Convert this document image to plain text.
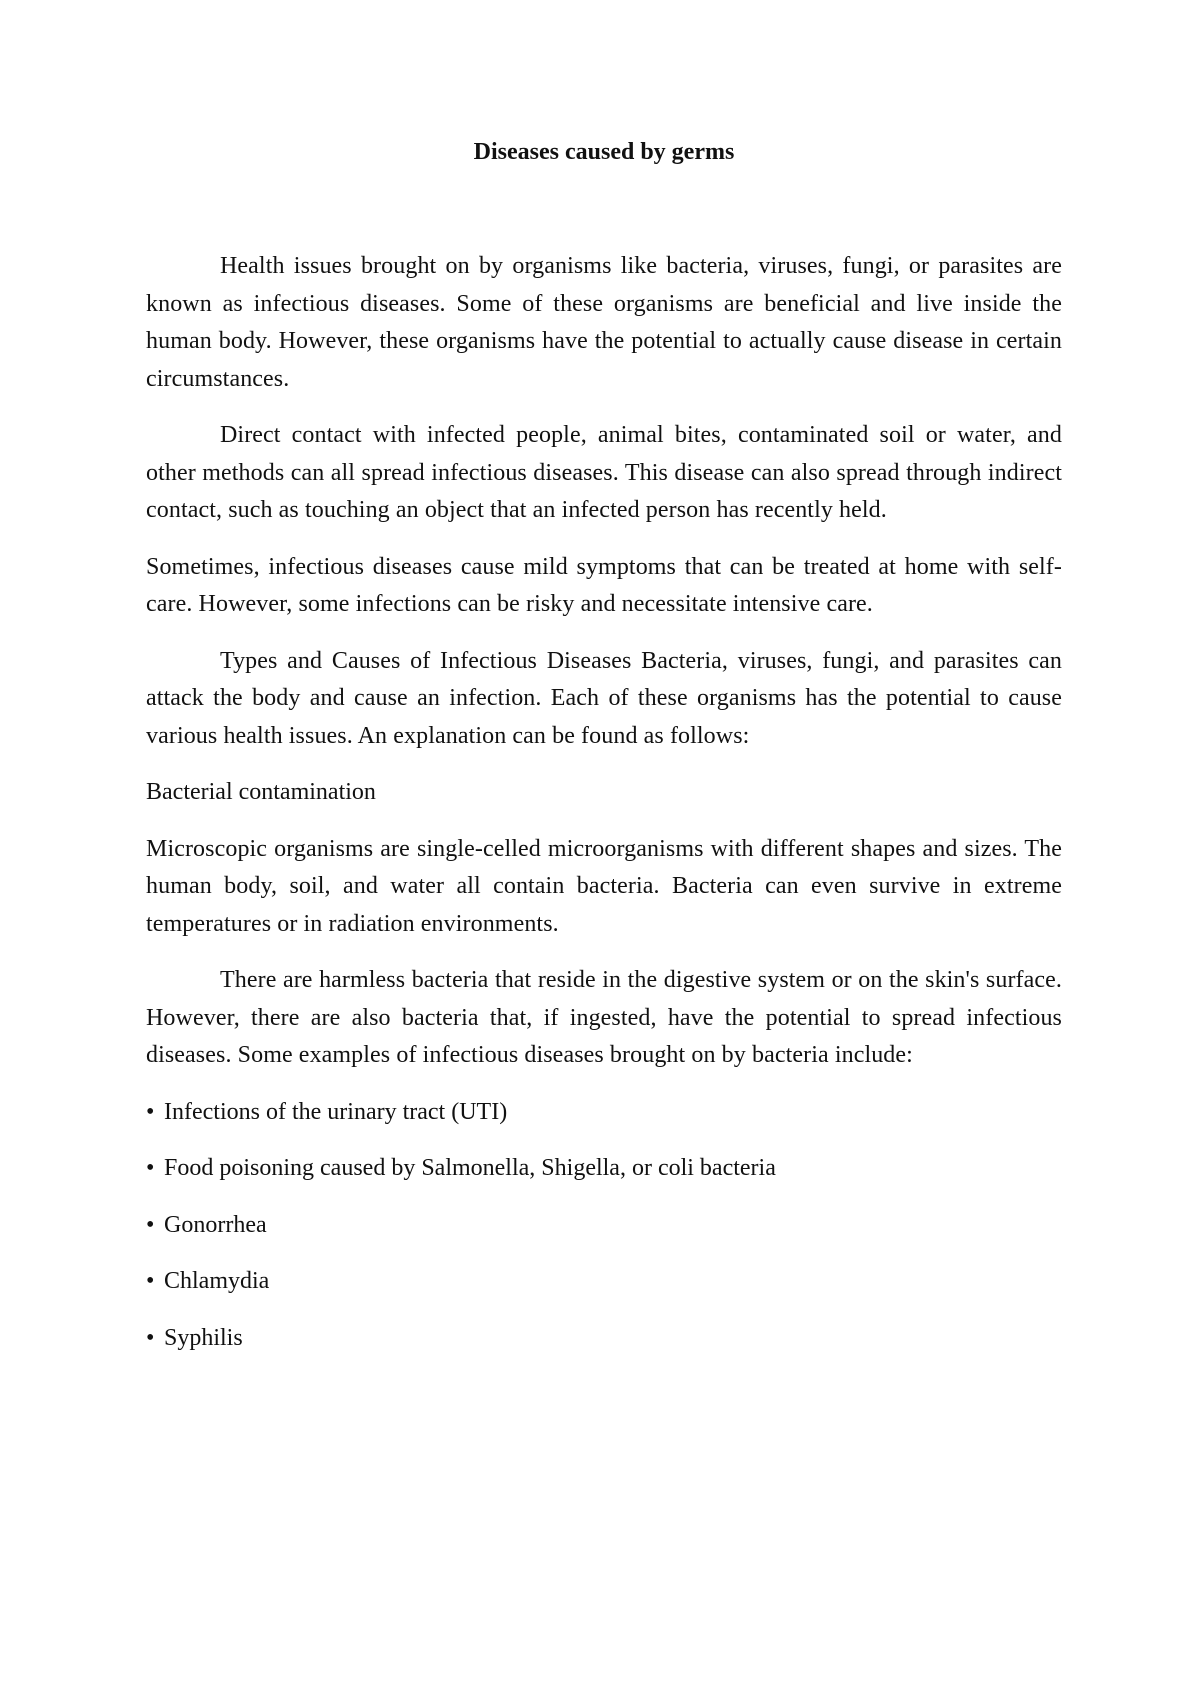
Diseases caused by germs

Health issues brought on by organisms like bacteria, viruses, fungi, or parasites are known as infectious diseases. Some of these organisms are beneficial and live inside the human body. However, these organisms have the potential to actually cause disease in certain circumstances.

Direct contact with infected people, animal bites, contaminated soil or water, and other methods can all spread infectious diseases. This disease can also spread through indirect contact, such as touching an object that an infected person has recently held.

Sometimes, infectious diseases cause mild symptoms that can be treated at home with self-care. However, some infections can be risky and necessitate intensive care.

Types and Causes of Infectious Diseases Bacteria, viruses, fungi, and parasites can attack the body and cause an infection. Each of these organisms has the potential to cause various health issues. An explanation can be found as follows:

Bacterial contamination

Microscopic organisms are single-celled microorganisms with different shapes and sizes. The human body, soil, and water all contain bacteria. Bacteria can even survive in extreme temperatures or in radiation environments.

There are harmless bacteria that reside in the digestive system or on the skin's surface. However, there are also bacteria that, if ingested, have the potential to spread infectious diseases. Some examples of infectious diseases brought on by bacteria include:

• Infections of the urinary tract (UTI)
• Food poisoning caused by Salmonella, Shigella, or coli bacteria
• Gonorrhea
• Chlamydia
• Syphilis
